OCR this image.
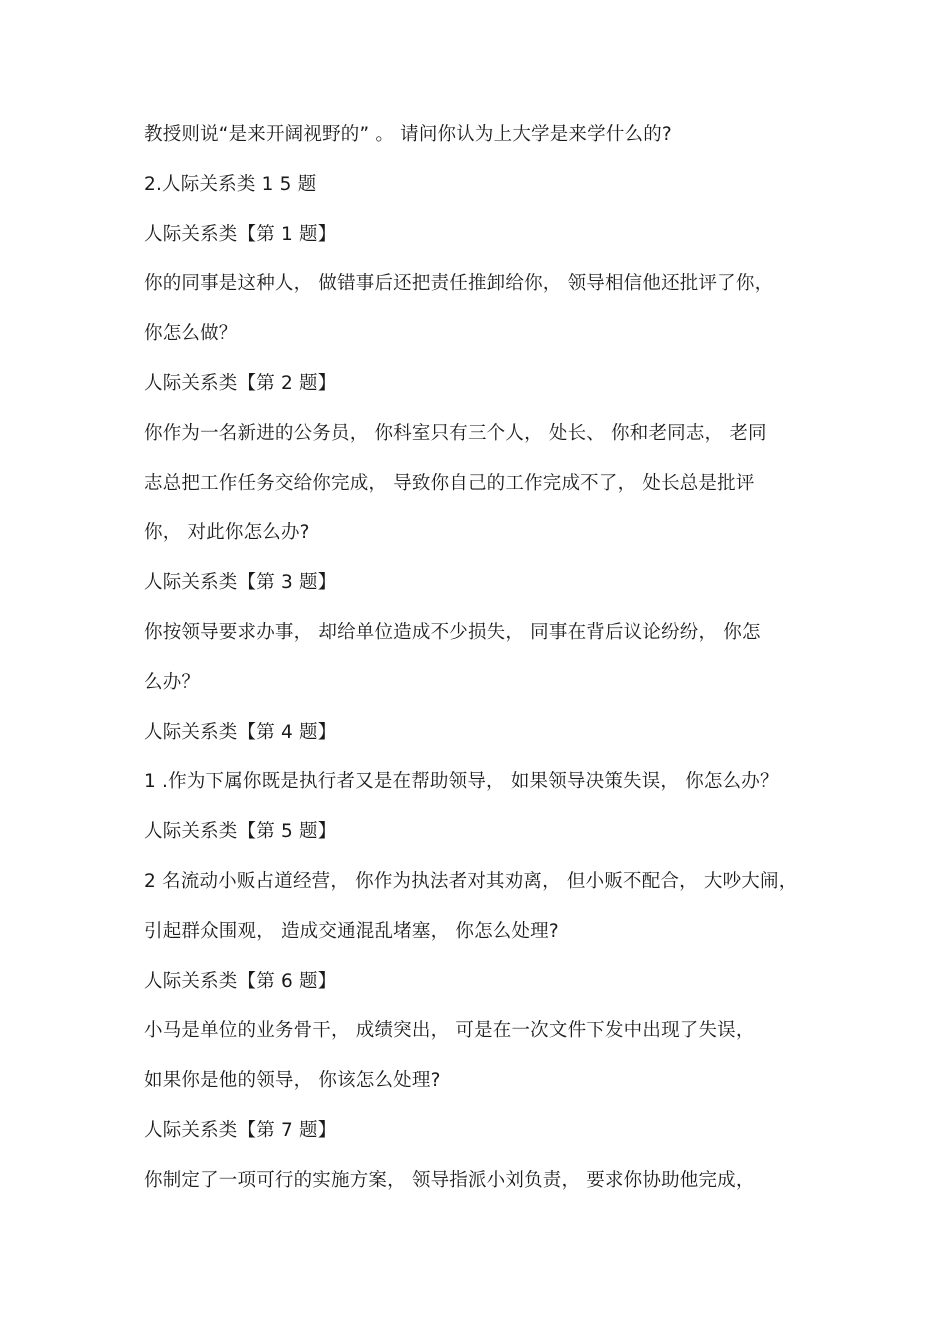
教授则说“是来开阔视野的” 。 请问你认为上大学是来学什么的?
2.人际关系类 1 5 题
人际关系类【第 1 题】
你的同事是这种人， 做错事后还把责任推卸给你， 领导相信他还批评了你，
你怎么做？
人际关系类【第 2 题】
你作为一名新进的公务员， 你科室只有三个人， 处长、 你和老同志， 老同
志总把工作任务交给你完成， 导致你自己的工作完成不了， 处长总是批评
你， 对此你怎么办?
人际关系类【第 3 题】
你按领导要求办事， 却给单位造成不少损失， 同事在背后议论纷纷， 你怎
么办？
人际关系类【第 4 题】
1 .作为下属你既是执行者又是在帮助领导， 如果领导决策失误， 你怎么办？
人际关系类【第 5 题】
2 名流动小贩占道经营， 你作为执法者对其劝离， 但小贩不配合， 大吵大闹，
引起群众围观， 造成交通混乱堵塞， 你怎么处理?
人际关系类【第 6 题】
小马是单位的业务骨干， 成绩突出， 可是在一次文件下发中出现了失误，
如果你是他的领导， 你该怎么处理?
人际关系类【第 7 题】
你制定了一项可行的实施方案， 领导指派小刘负责， 要求你协助他完成，
